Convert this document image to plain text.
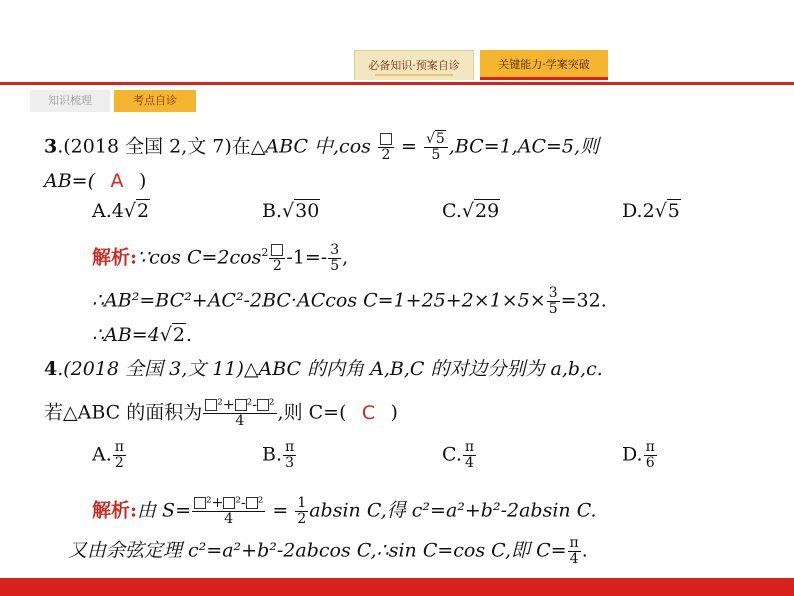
必备知识·预案自诊	关键能力·学案突破
知识梳理	考点自诊
3.(2018 全国 2,文 7)在△ABC 中,cos $2 = \frac{√5}{5} ,BC=1,AC=5$,则
AB=( A )
A.4√2	B.√30	C.√29	D.2√5
解析:∵cos $C=2\cos^2$
2 $-1=- \frac{3}{5}$ ,
∴AB²=BC²+AC²-2BC·ACcos $C=1+25+2\times 1\times 5\times \frac{3}{5} =32$.
∴AB=4√2.
4.(2018 全国 3,文 11)△ABC 的内角 A,B,C 的对边分别为 a,b,c.
若△ABC 的面积为 $\frac{\text{²+ ²- ²}}{4}$ ,则 C=( C )
A. $\frac{\pi}{2}$	B. $\frac{\pi}{3}$	C. $\frac{\pi}{4}$	D. $\frac{\pi}{6}$
解析:由 $S= \frac{\text{²+ ²- ²}}{4} = \frac{1}{2}$ absin C,得 c²=a²+b²-2absin C.
又由余弦定理 c²=a²+b²-2abcos C,∴sin C=cos C,即 $C= \frac{\pi}{4}$ .
